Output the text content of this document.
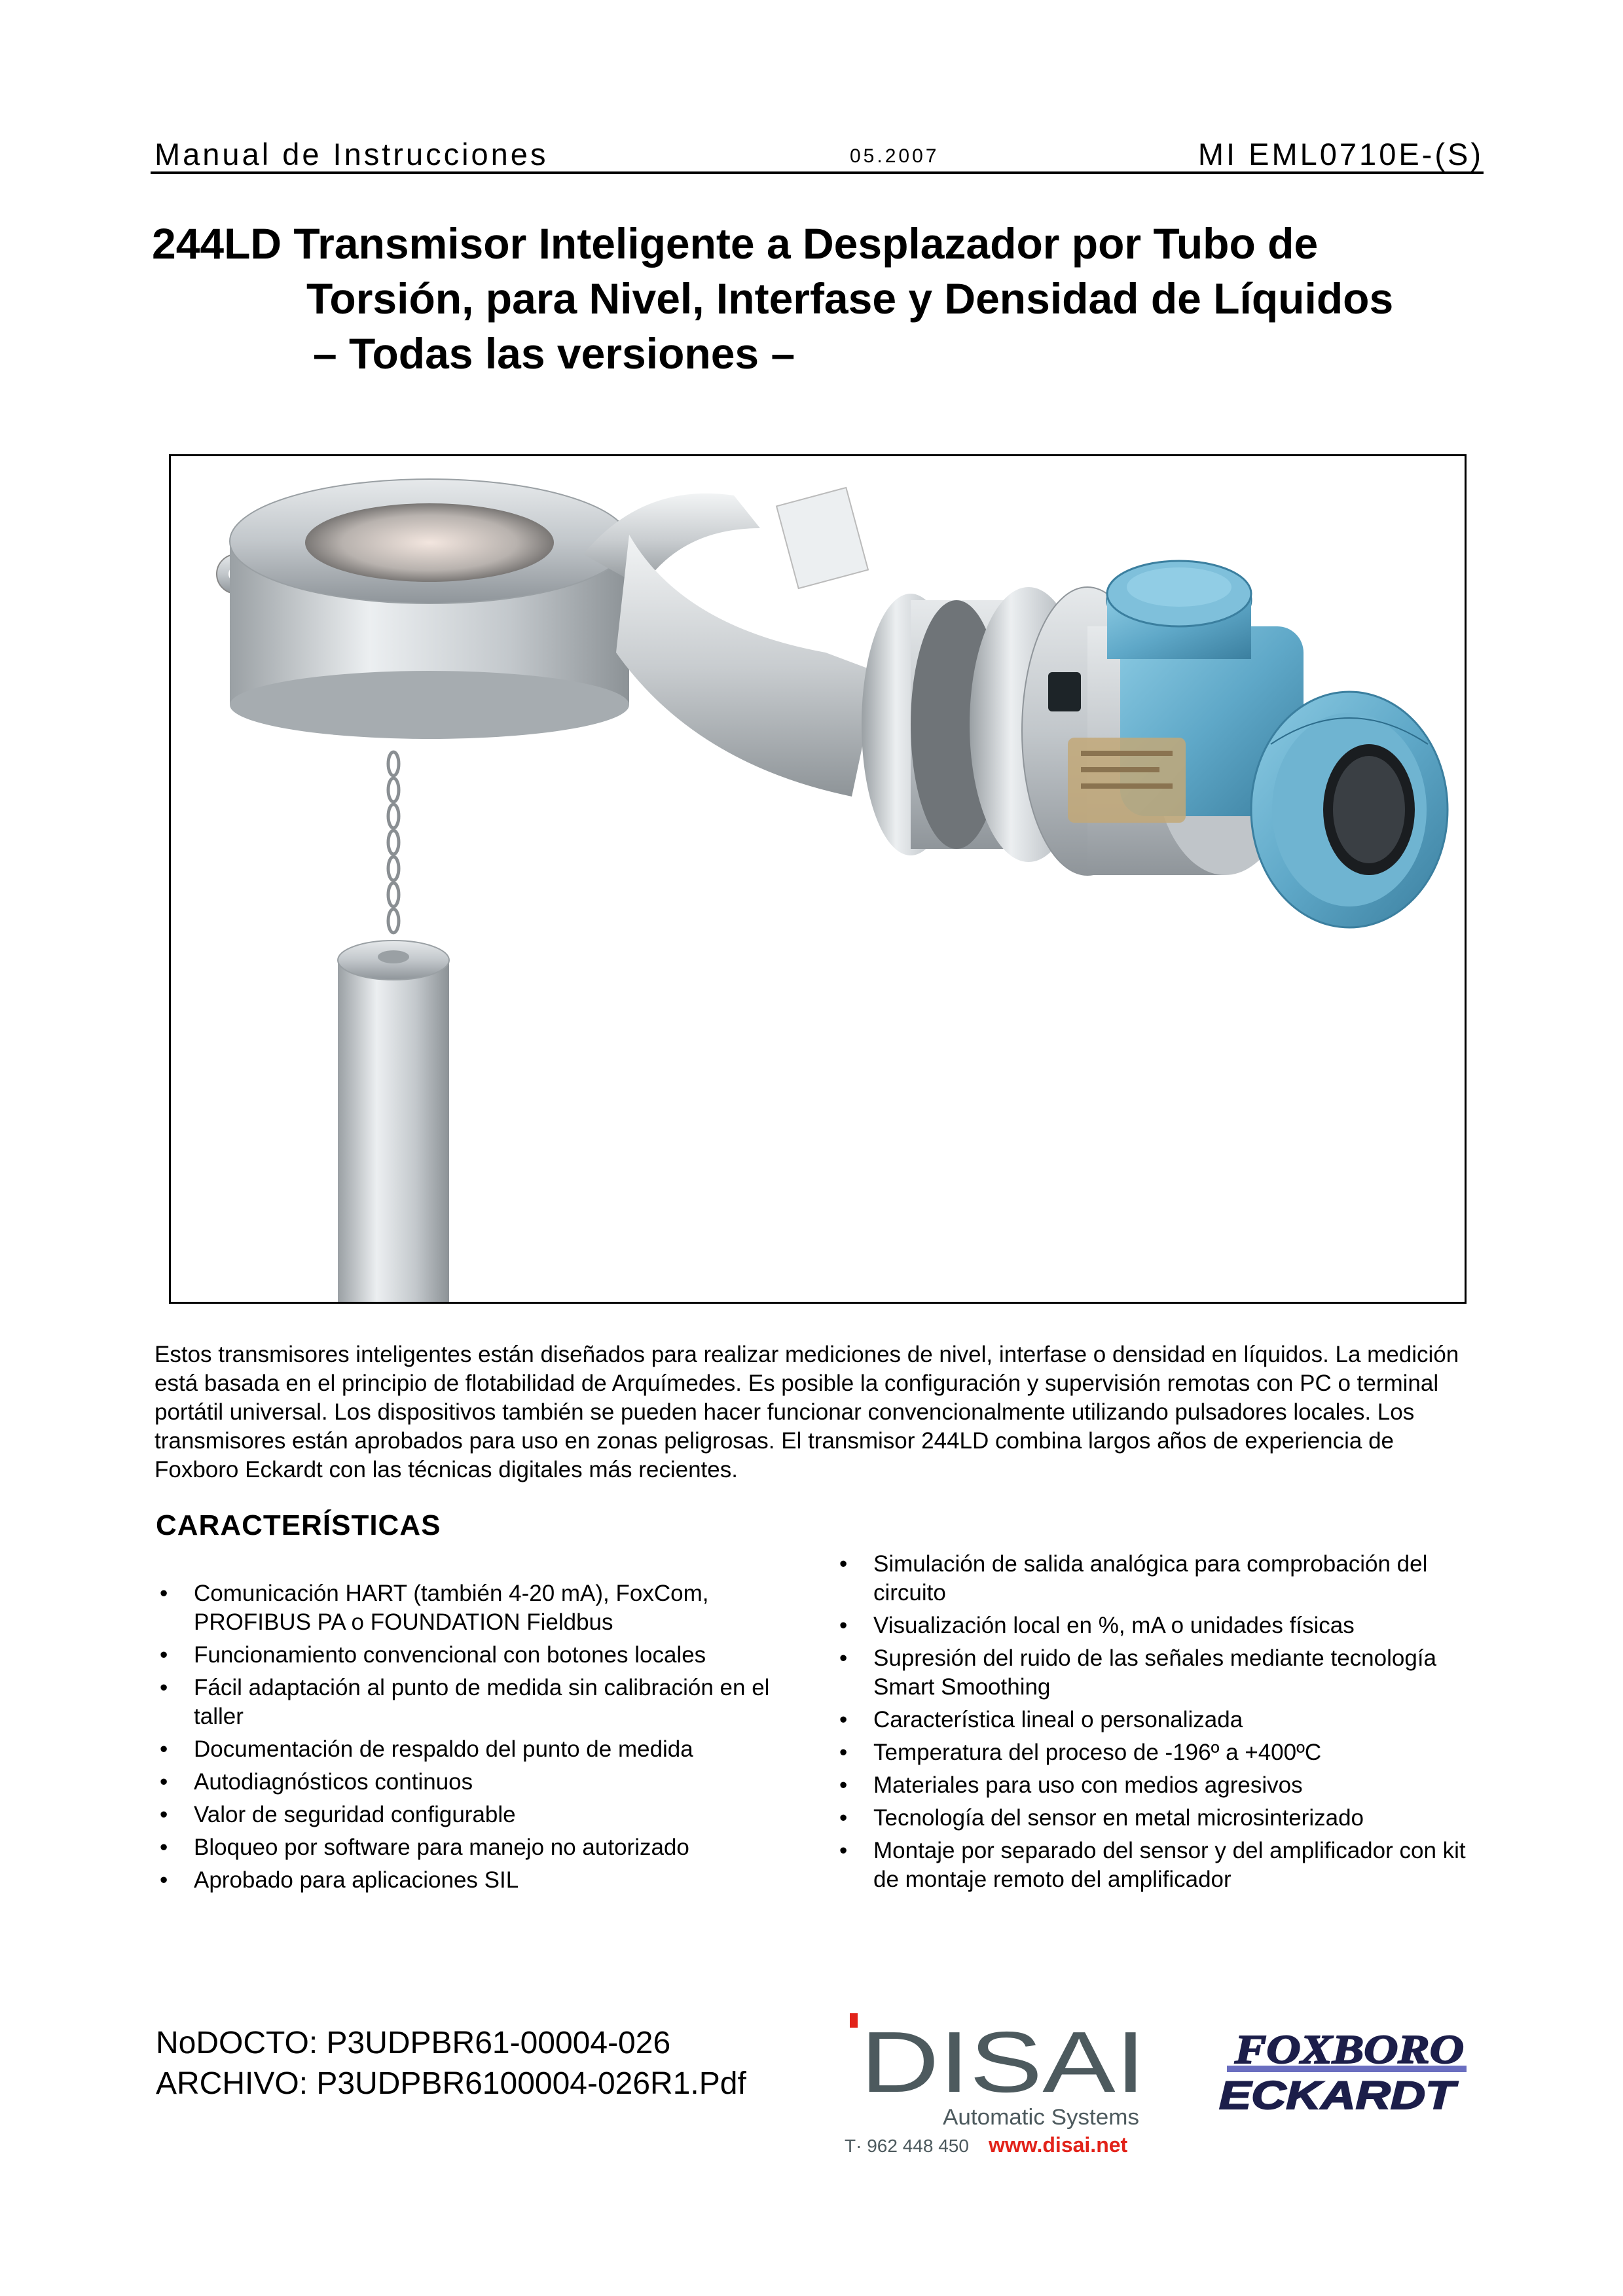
Manual de Instrucciones	05.2007	MI EML0710E-(S)
244LD Transmisor Inteligente a Desplazador por Tubo de
Torsión, para Nivel, Interfase y Densidad de Líquidos
– Todas las versiones –
Estos transmisores inteligentes están diseñados para realizar mediciones de nivel, interfase o densidad en líquidos. La medición está basada en el principio de flotabilidad de Arquímedes. Es posible la configuración y supervisión remotas con PC o terminal portátil universal. Los dispositivos también se pueden hacer funcionar convencionalmente utilizando pulsadores locales. Los transmisores están aprobados para uso en zonas peligrosas. El transmisor 244LD combina largos años de experiencia de Foxboro Eckardt con las técnicas digitales más recientes.
CARACTERÍSTICAS
• Comunicación HART (también 4-20 mA), FoxCom, PROFIBUS PA o FOUNDATION Fieldbus
• Funcionamiento convencional con botones locales
• Fácil adaptación al punto de medida sin calibración en el taller
• Documentación de respaldo del punto de medida
• Autodiagnósticos continuos
• Valor de seguridad configurable
• Bloqueo por software para manejo no autorizado
• Aprobado para aplicaciones SIL
• Simulación de salida analógica para comprobación del circuito
• Visualización local en %, mA o unidades físicas
• Supresión del ruido de las señales mediante tecnología Smart Smoothing
• Característica lineal o personalizada
• Temperatura del proceso de -196º a +400ºC
• Materiales para uso con medios agresivos
• Tecnología del sensor en metal microsinterizado
• Montaje por separado del sensor y del amplificador con kit de montaje remoto del amplificador
NoDOCTO: P3UDPBR61-00004-026
ARCHIVO: P3UDPBR6100004-026R1.Pdf DISAI
Automatic Systems
T· 962 448 450 www.disai.net
FOXBORO
ECKARDT
